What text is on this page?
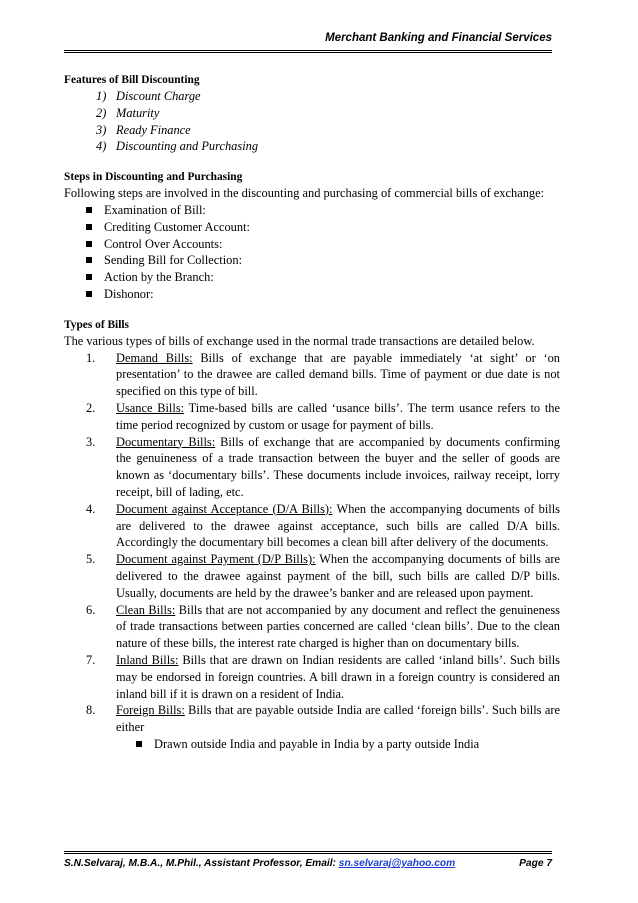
Merchant Banking and Financial Services
Features of Bill Discounting
1) Discount Charge
2) Maturity
3) Ready Finance
4) Discounting and Purchasing
Steps in Discounting and Purchasing
Following steps are involved in the discounting and purchasing of commercial bills of exchange:
Examination of Bill:
Crediting Customer Account:
Control Over Accounts:
Sending Bill for Collection:
Action by the Branch:
Dishonor:
Types of Bills
The various types of bills of exchange used in the normal trade transactions are detailed below.
1.	Demand Bills: Bills of exchange that are payable immediately ‘at sight’ or ‘on presentation’ to the drawee are called demand bills. Time of payment or due date is not specified on this type of bill.
2.	Usance Bills: Time-based bills are called ‘usance bills’. The term usance refers to the time period recognized by custom or usage for payment of bills.
3.	Documentary Bills: Bills of exchange that are accompanied by documents confirming the genuineness of a trade transaction between the buyer and the seller of goods are known as ‘documentary bills’. These documents include invoices, railway receipt, lorry receipt, bill of lading, etc.
4.	Document against Acceptance (D/A Bills): When the accompanying documents of bills are delivered to the drawee against acceptance, such bills are called D/A bills. Accordingly the documentary bill becomes a clean bill after delivery of the documents.
5.	Document against Payment (D/P Bills): When the accompanying documents of bills are delivered to the drawee against payment of the bill, such bills are called D/P bills. Usually, documents are held by the drawee’s banker and are released upon payment.
6.	Clean Bills: Bills that are not accompanied by any document and reflect the genuineness of trade transactions between parties concerned are called ‘clean bills’. Due to the clean nature of these bills, the interest rate charged is higher than on documentary bills.
7.	Inland Bills: Bills that are drawn on Indian residents are called ‘inland bills’. Such bills may be endorsed in foreign countries. A bill drawn in a foreign country is considered an inland bill if it is drawn on a resident of India.
8.	Foreign Bills: Bills that are payable outside India are called ‘foreign bills’. Such bills are either
Drawn outside India and payable in India by a party outside India
S.N.Selvaraj, M.B.A., M.Phil., Assistant Professor, Email: sn.selvaraj@yahoo.com	Page 7
